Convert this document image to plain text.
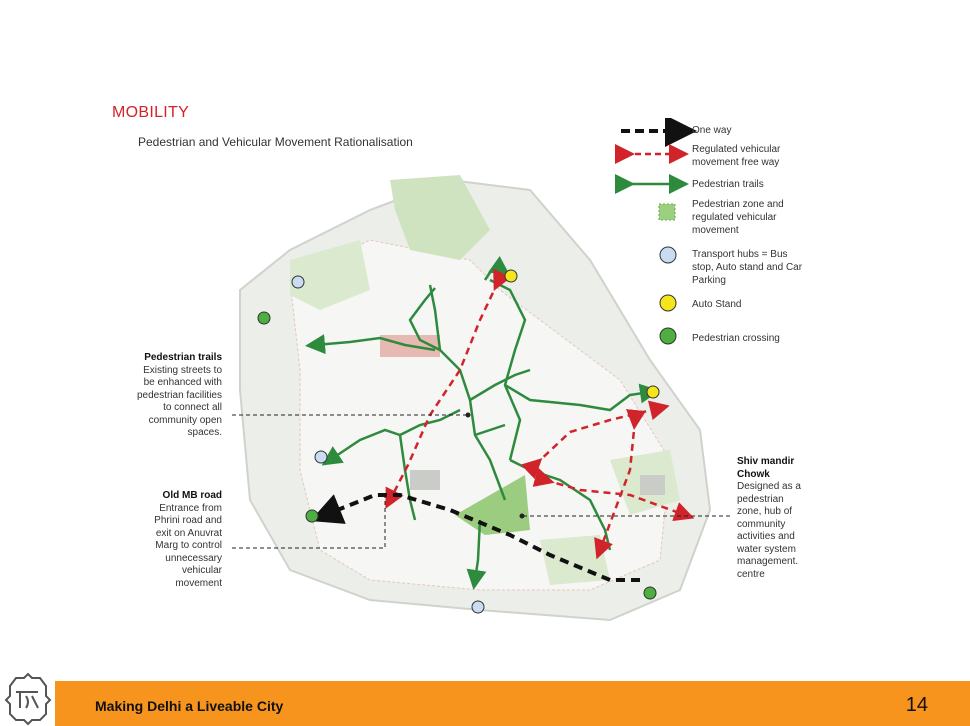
MOBILITY
Pedestrian and Vehicular Movement Rationalisation
One way
Regulated vehicular movement free way
Pedestrian trails
Pedestrian zone and regulated vehicular movement
Transport hubs = Bus stop, Auto stand and Car Parking
Auto Stand
Pedestrian crossing
Pedestrian trails
Existing streets to be enhanced with pedestrian facilities to connect all community open spaces.
Old MB road
Entrance from Phrini road and exit on Anuvrat Marg to control unnecessary vehicular movement
Shiv mandir Chowk
Designed as a pedestrian zone, hub of community activities and water system management. centre
Making Delhi a Liveable City	14
